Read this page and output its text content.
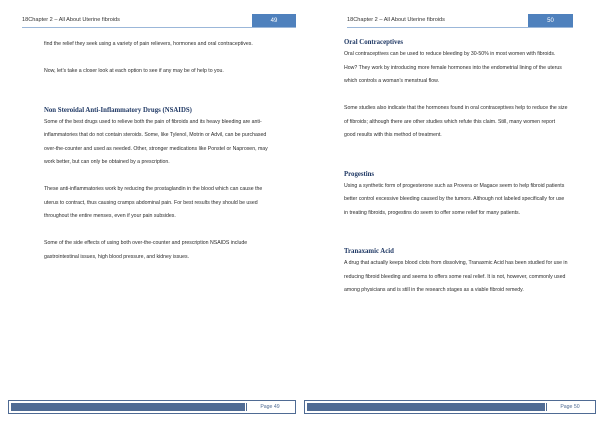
18Chapter 2 – All About Uterine fibroids	49

find the relief they seek using a variety of pain relievers, hormones and oral contraceptives.

Now, let’s take a closer look at each option to see if any may be of help to you.

Non Steroidal Anti-Inflammatory Drugs (NSAIDS)

Some of the best drugs used to relieve both the pain of fibroids and its heavy bleeding are anti-inflammatories that do not contain steroids. Some, like Tylenol, Motrin or Advil, can be purchased over-the-counter and used as needed. Other, stronger medications like Ponstel or Naproxen, may work better, but can only be obtained by a prescription.

These anti-inflammatories work by reducing the prostaglandin in the blood which can cause the uterus to contract, thus causing cramps abdominal pain. For best results they should be used throughout the entire menses, even if your pain subsides.

Some of the side effects of using both over-the-counter and prescription NSAIDS include gastrointestinal issues, high blood pressure, and kidney issues.

Page 49
18Chapter 2 – All About Uterine fibroids	50

Oral Contraceptives

Oral contraceptives can be used to reduce bleeding by 30-50% in most women with fibroids. How? They work by introducing more female hormones into the endometrial lining of the uterus which controls a woman’s menstrual flow.

Some studies also indicate that the hormones found in oral contraceptives help to reduce the size of fibroids; although there are other studies which refute this claim. Still, many women report good results with this method of treatment.

Progestins

Using a synthetic form of progesterone such as Provera or Magace seem to help fibroid patients better control excessive bleeding caused by the tumors. Although not labeled specifically for use in treating fibroids, progestins do seem to offer some relief for many patients.

Tranaxamic Acid

A drug that actually keeps blood clots from dissolving, Tranaxmic Acid has been studied for use in reducing fibroid bleeding and seems to offers some real relief. It is not, however, commonly used among physicians and is still in the research stages as a viable fibroid remedy.

Page 50
